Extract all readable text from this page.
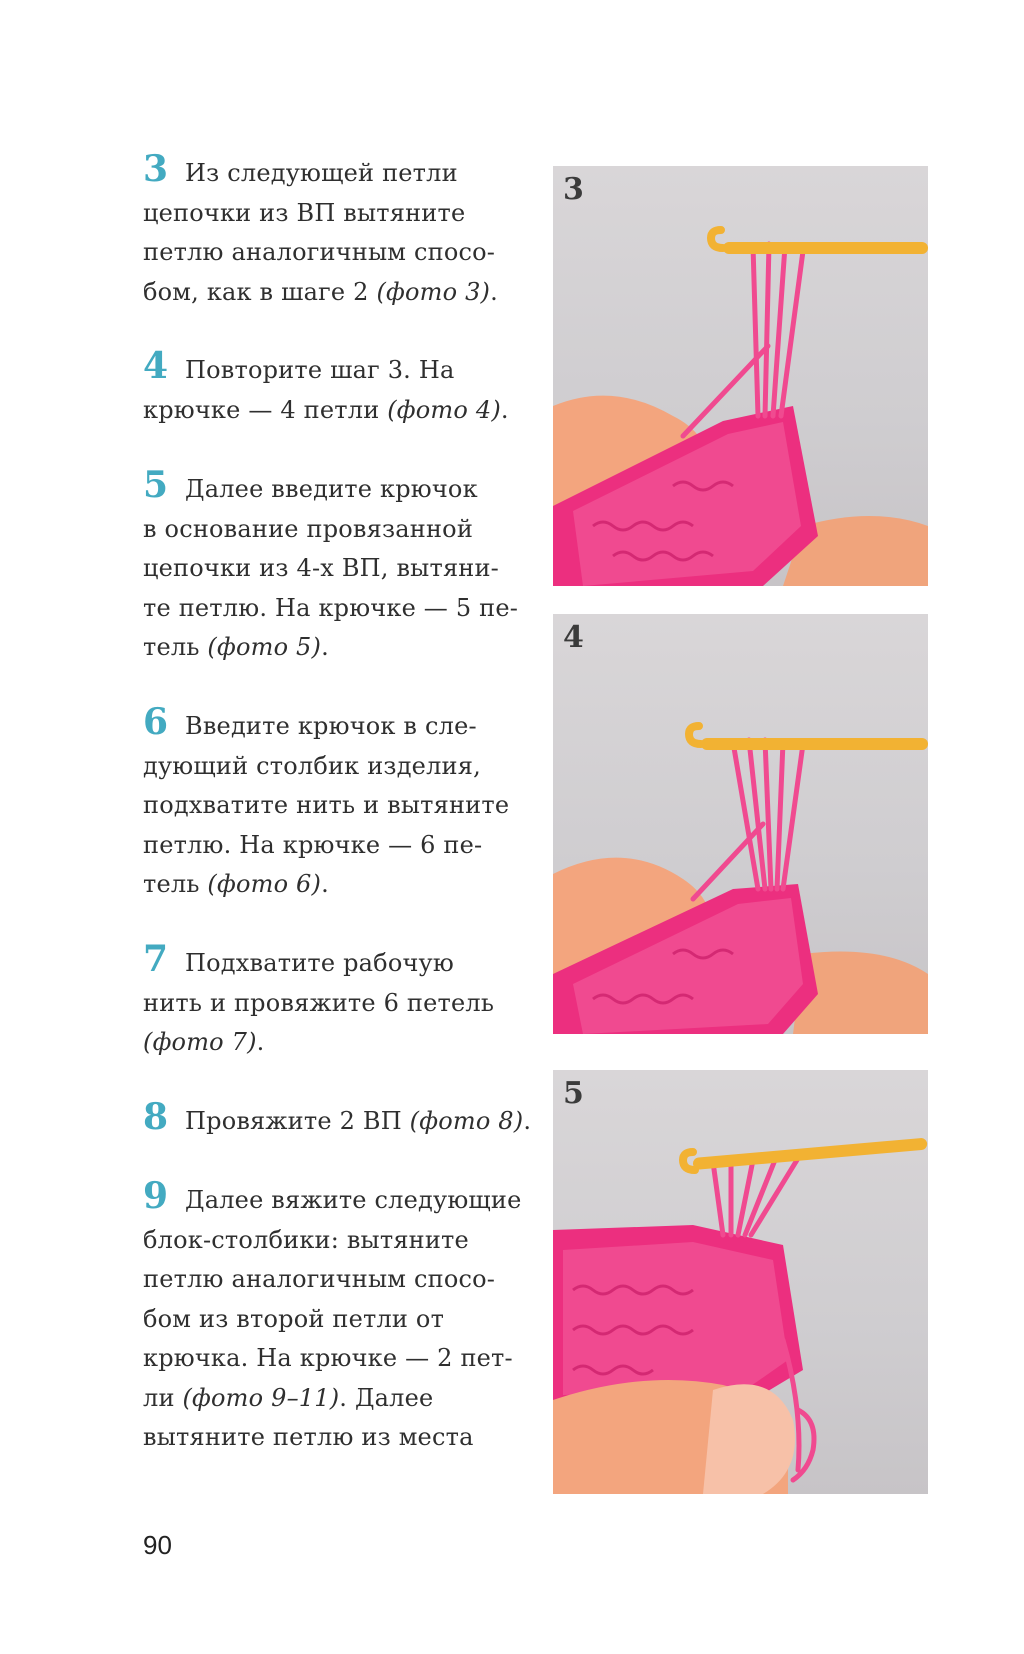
3 Из следующей петли
цепочки из ВП вытяните
петлю аналогичным спосо-
бом, как в шаге 2 (фото 3).
4 Повторите шаг 3. На
крючке — 4 петли (фото 4).
5 Далее введите крючок
в основание провязанной
цепочки из 4-х ВП, вытяни-
те петлю. На крючке — 5 пе-
тель (фото 5).
6 Введите крючок в сле-
дующий столбик изделия,
подхватите нить и вытяните
петлю. На крючке — 6 пе-
тель (фото 6).
7 Подхватите рабочую
нить и провяжите 6 петель
(фото 7).
8 Провяжите 2 ВП (фото 8).
9 Далее вяжите следующие
блок-столбики: вытяните
петлю аналогичным спосо-
бом из второй петли от
крючка. На крючке — 2 пет-
ли (фото 9–11). Далее
вытяните петлю из места
3
4
5
90
